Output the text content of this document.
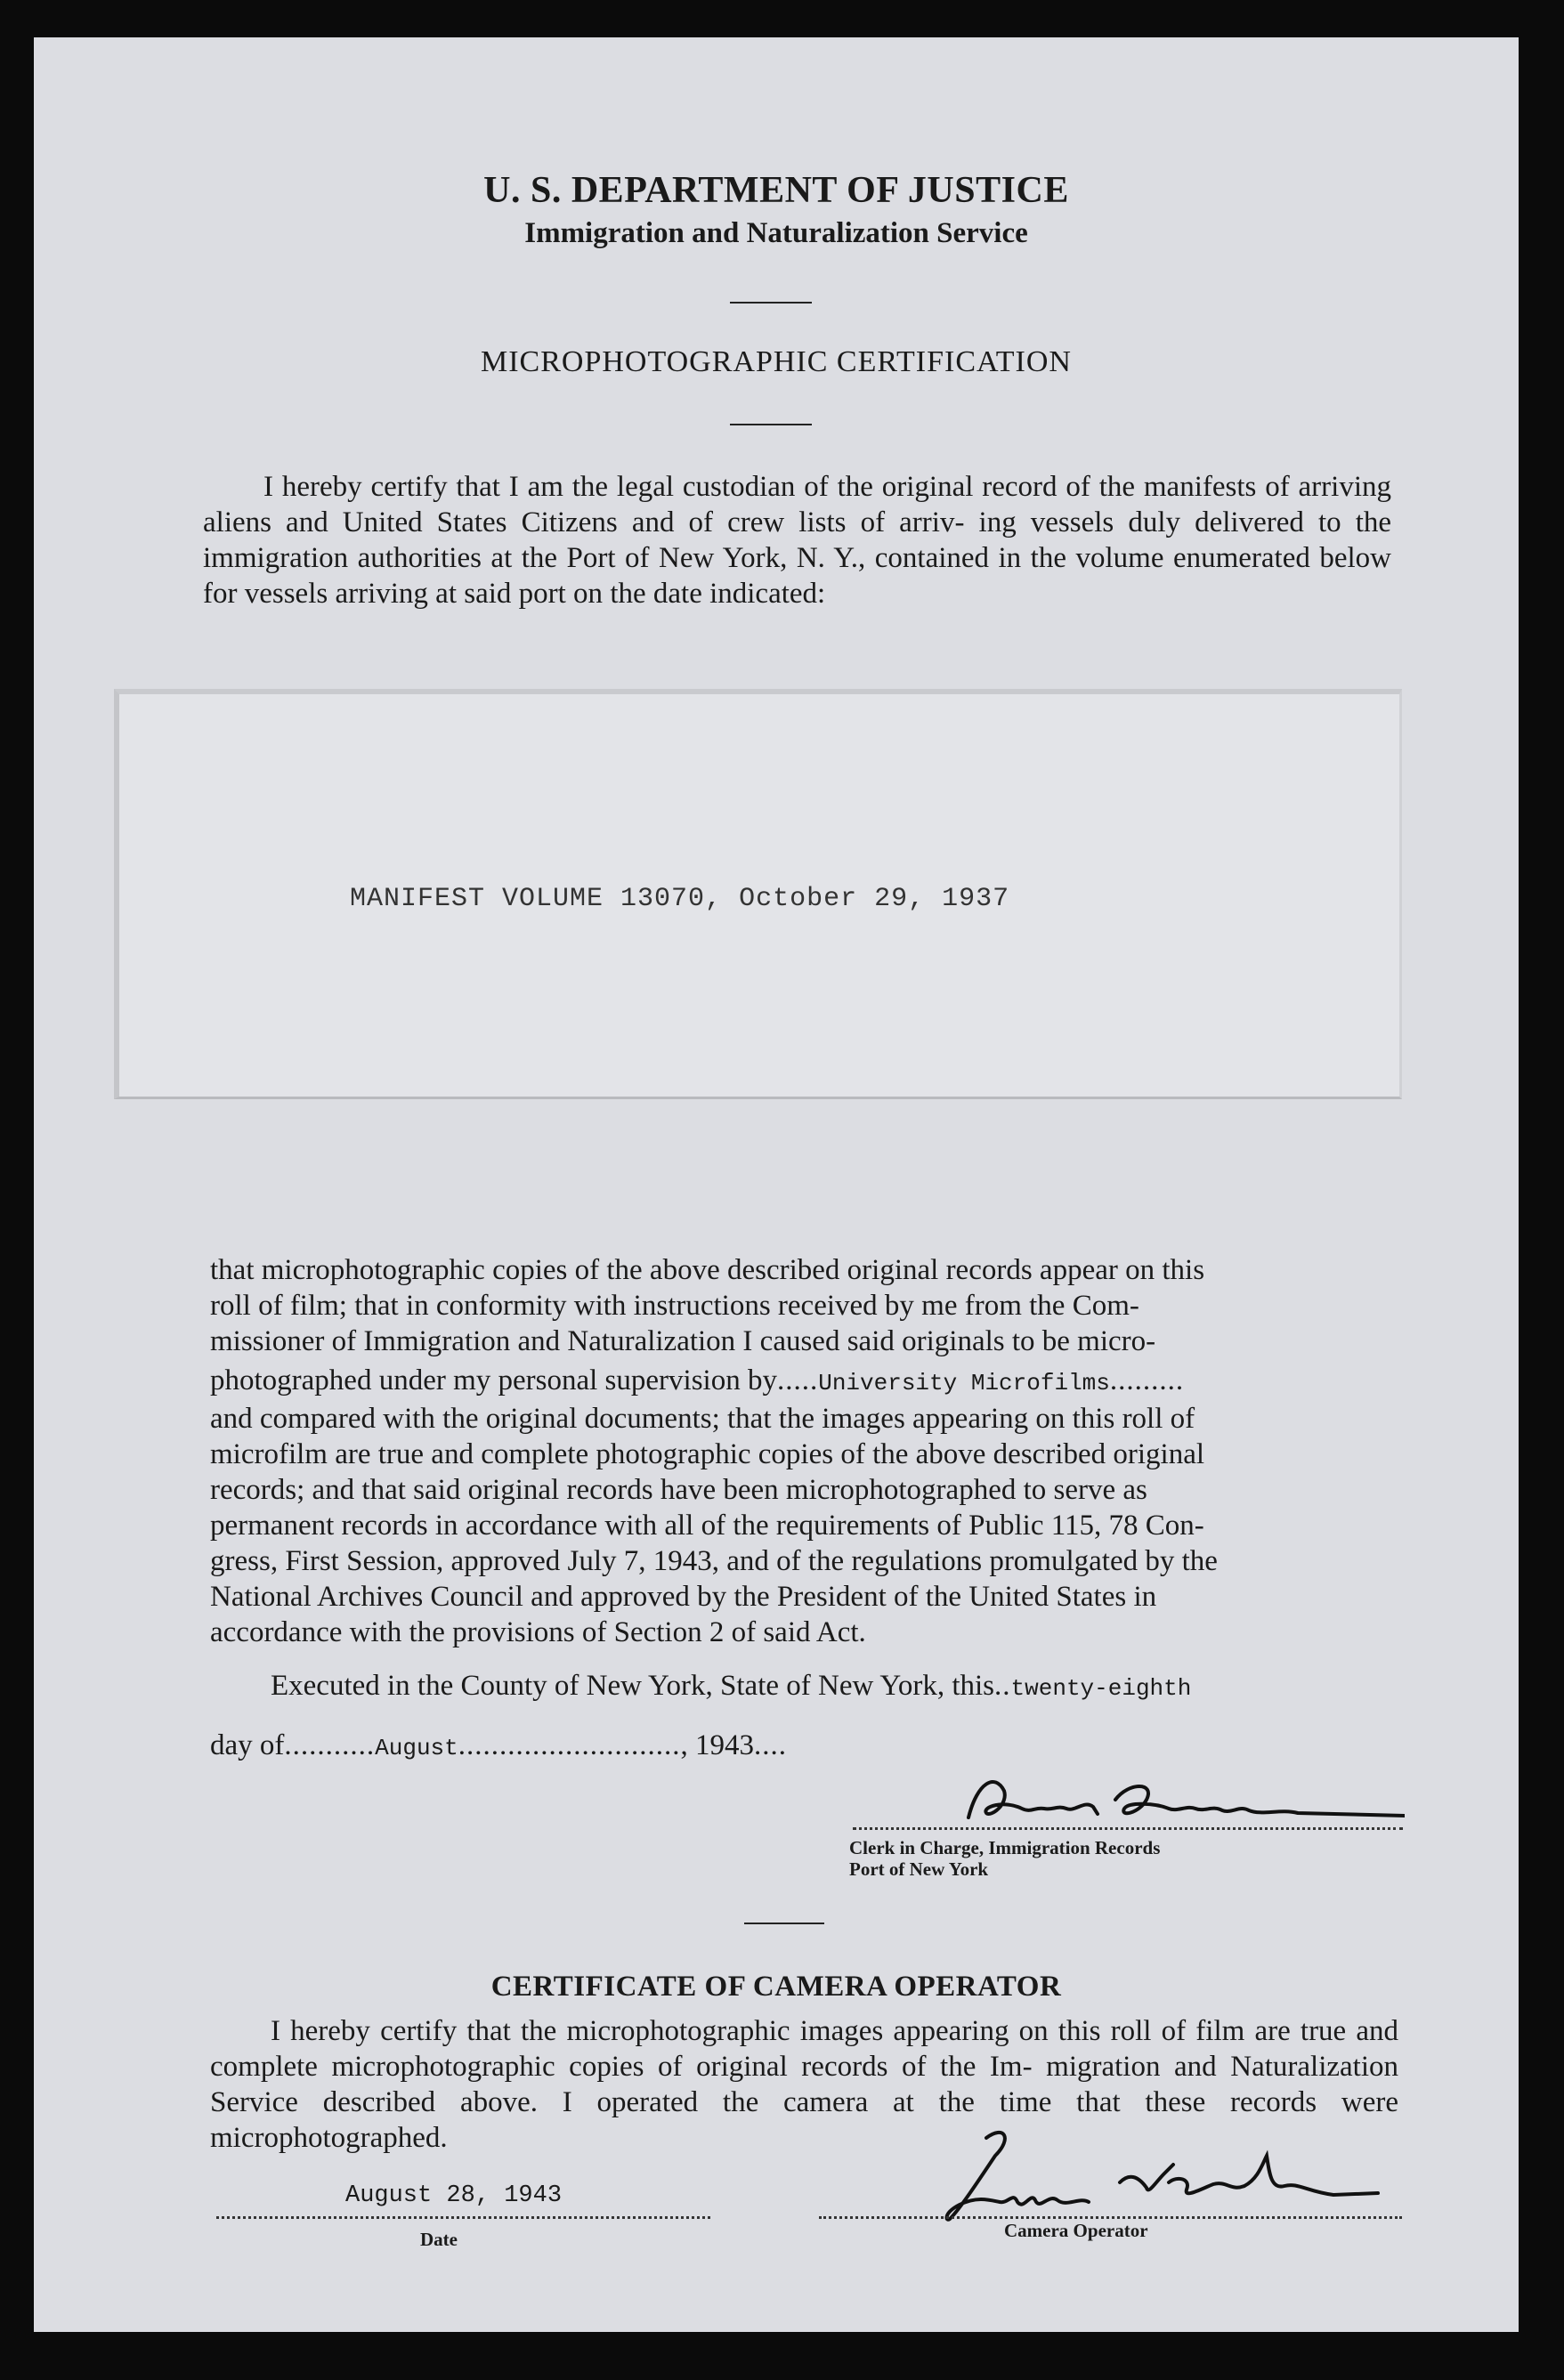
U. S. DEPARTMENT OF JUSTICE
Immigration and Naturalization Service
MICROPHOTOGRAPHIC CERTIFICATION
I hereby certify that I am the legal custodian of the original record of the manifests of arriving aliens and United States Citizens and of crew lists of arriv- ing vessels duly delivered to the immigration authorities at the Port of New York, N. Y., contained in the volume enumerated below for vessels arriving at said port on the date indicated:
MANIFEST VOLUME 13070, October 29, 1937
that microphotographic copies of the above described original records appear on this
roll of film; that in conformity with instructions received by me from the Com-
missioner of Immigration and Naturalization I caused said originals to be micro-
photographed under my personal supervision by.....University Microfilms.........
and compared with the original documents; that the images appearing on this roll of
microfilm are true and complete photographic copies of the above described original
records; and that said original records have been microphotographed to serve as
permanent records in accordance with all of the requirements of Public 115, 78 Con-
gress, First Session, approved July 7, 1943, and of the regulations promulgated by the
National Archives Council and approved by the President of the United States in
accordance with the provisions of Section 2 of said Act.
Executed in the County of New York, State of New York, this..twenty-eighth
day of...........August..........................., 1943....
Clerk in Charge, Immigration Records
Port of New York
CERTIFICATE OF CAMERA OPERATOR
I hereby certify that the microphotographic images appearing on this roll of film are true and complete microphotographic copies of original records of the Im- migration and Naturalization Service described above. I operated the camera at the time that these records were microphotographed.
August 28, 1943
Date	Camera Operator
